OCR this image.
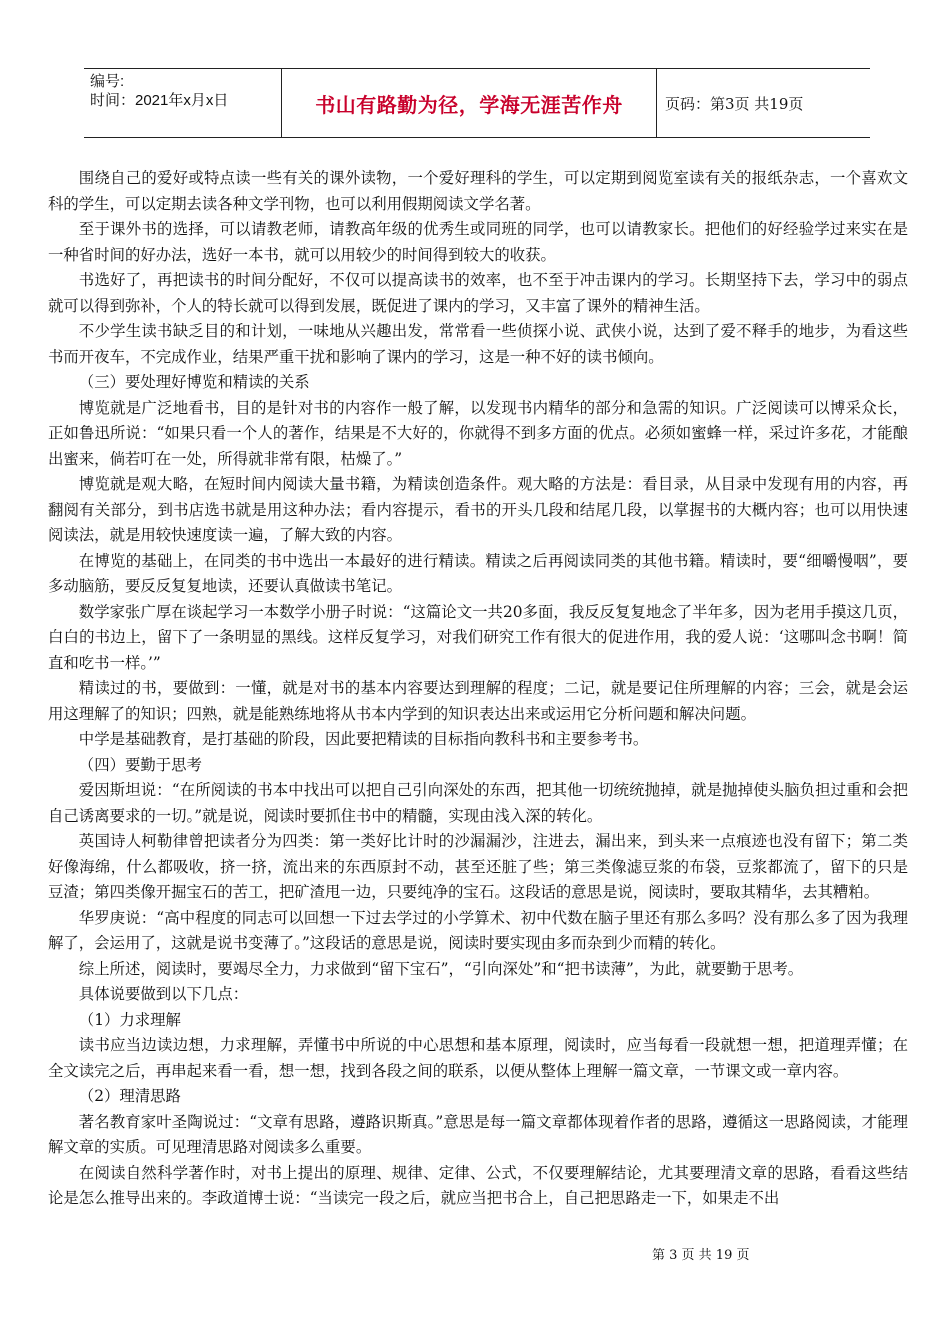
编号:
时间：2021年x月x日	书山有路勤为径，学海无涯苦作舟	页码：第3页 共19页

围绕自己的爱好或特点读一些有关的课外读物，一个爱好理科的学生，可以定期到阅览室读有关的报纸杂志，一个喜欢文科的学生，可以定期去读各种文学刊物，也可以利用假期阅读文学名著。

至于课外书的选择，可以请教老师，请教高年级的优秀生或同班的同学，也可以请教家长。把他们的好经验学过来实在是一种省时间的好办法，选好一本书，就可以用较少的时间得到较大的收获。

书选好了，再把读书的时间分配好，不仅可以提高读书的效率，也不至于冲击课内的学习。长期坚持下去，学习中的弱点就可以得到弥补，个人的特长就可以得到发展，既促进了课内的学习，又丰富了课外的精神生活。

不少学生读书缺乏目的和计划，一味地从兴趣出发，常常看一些侦探小说、武侠小说，达到了爱不释手的地步，为看这些书而开夜车，不完成作业，结果严重干扰和影响了课内的学习，这是一种不好的读书倾向。

（三）要处理好博览和精读的关系

博览就是广泛地看书，目的是针对书的内容作一般了解，以发现书内精华的部分和急需的知识。广泛阅读可以博采众长，正如鲁迅所说：“如果只看一个人的著作，结果是不大好的，你就得不到多方面的优点。必须如蜜蜂一样，采过许多花，才能酿出蜜来，倘若叮在一处，所得就非常有限，枯燥了。”

博览就是观大略，在短时间内阅读大量书籍，为精读创造条件。观大略的方法是：看目录，从目录中发现有用的内容，再翻阅有关部分，到书店选书就是用这种办法；看内容提示，看书的开头几段和结尾几段，以掌握书的大概内容；也可以用快速阅读法，就是用较快速度读一遍，了解大致的内容。

在博览的基础上，在同类的书中选出一本最好的进行精读。精读之后再阅读同类的其他书籍。精读时，要“细嚼慢咽”，要多动脑筋，要反反复复地读，还要认真做读书笔记。

数学家张广厚在谈起学习一本数学小册子时说：“这篇论文一共20多面，我反反复复地念了半年多，因为老用手摸这几页，白白的书边上，留下了一条明显的黑线。这样反复学习，对我们研究工作有很大的促进作用，我的爱人说：‘这哪叫念书啊！简直和吃书一样。’”

精读过的书，要做到：一懂，就是对书的基本内容要达到理解的程度；二记，就是要记住所理解的内容；三会，就是会运用这理解了的知识；四熟，就是能熟练地将从书本内学到的知识表达出来或运用它分析问题和解决问题。

中学是基础教育，是打基础的阶段，因此要把精读的目标指向教科书和主要参考书。

（四）要勤于思考

爱因斯坦说：“在所阅读的书本中找出可以把自己引向深处的东西，把其他一切统统抛掉，就是抛掉使头脑负担过重和会把自己诱离要求的一切。”就是说，阅读时要抓住书中的精髓，实现由浅入深的转化。

英国诗人柯勒律曾把读者分为四类：第一类好比计时的沙漏漏沙，注进去，漏出来，到头来一点痕迹也没有留下；第二类好像海绵，什么都吸收，挤一挤，流出来的东西原封不动，甚至还脏了些；第三类像滤豆浆的布袋，豆浆都流了，留下的只是豆渣；第四类像开掘宝石的苦工，把矿渣甩一边，只要纯净的宝石。这段话的意思是说，阅读时，要取其精华，去其糟粕。

华罗庚说：“高中程度的同志可以回想一下过去学过的小学算术、初中代数在脑子里还有那么多吗？没有那么多了因为我理解了，会运用了，这就是说书变薄了。”这段话的意思是说，阅读时要实现由多而杂到少而精的转化。

综上所述，阅读时，要竭尽全力，力求做到“留下宝石”，“引向深处”和“把书读薄”，为此，就要勤于思考。

具体说要做到以下几点：

（1）力求理解

读书应当边读边想，力求理解，弄懂书中所说的中心思想和基本原理，阅读时，应当每看一段就想一想，把道理弄懂；在全文读完之后，再串起来看一看，想一想，找到各段之间的联系，以便从整体上理解一篇文章，一节课文或一章内容。

（2）理清思路

著名教育家叶圣陶说过：“文章有思路，遵路识斯真。”意思是每一篇文章都体现着作者的思路，遵循这一思路阅读，才能理解文章的实质。可见理清思路对阅读多么重要。

在阅读自然科学著作时，对书上提出的原理、规律、定律、公式，不仅要理解结论，尤其要理清文章的思路，看看这些结论是怎么推导出来的。李政道博士说：“当读完一段之后，就应当把书合上，自己把思路走一下，如果走不出

第 3 页 共 19 页
